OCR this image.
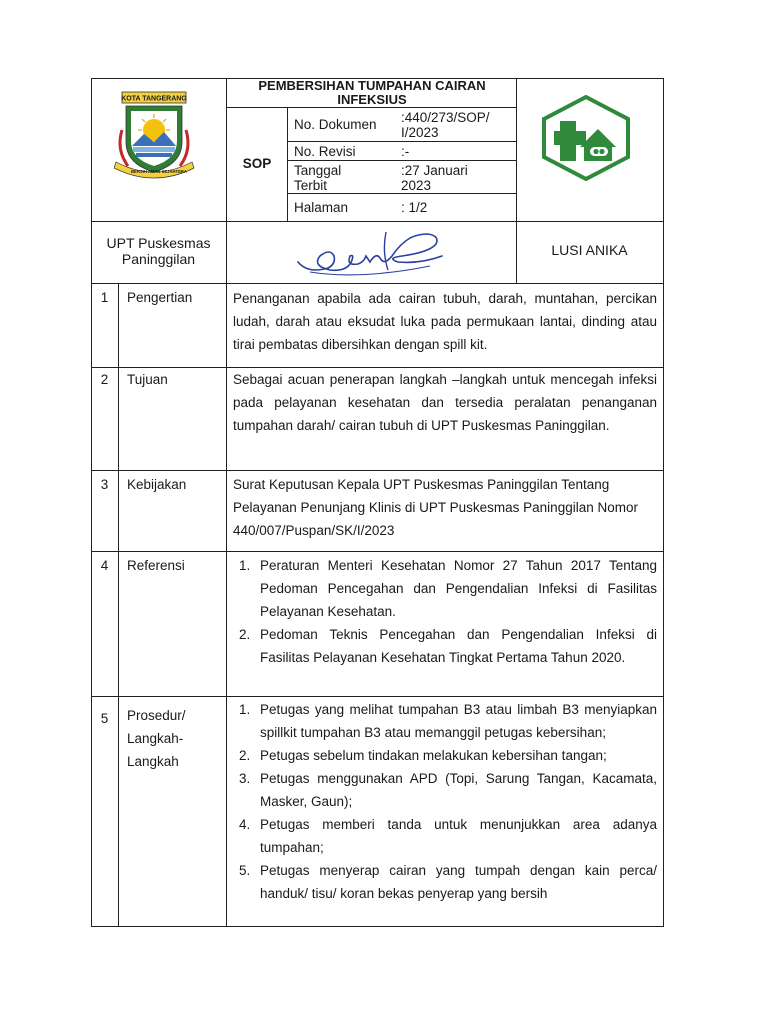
KOTA TANGERANG
BERSIH AMAN SEJAHTERA
PEMBERSIHAN TUMPAHAN CAIRAN INFEKSIUS
SOP
No. Dokumen :440/273/SOP/ I/2023
No. Revisi	:-
Tanggal Terbit
:27 Januari 2023
Halaman	: 1/2
UPT Puskesmas Paninggilan
LUSI ANIKA
1	Pengertian	Penanganan apabila ada cairan tubuh, darah, muntahan, percikan ludah, darah atau eksudat luka pada permukaan lantai, dinding atau tirai pembatas dibersihkan dengan spill kit.
2	Tujuan	Sebagai acuan penerapan langkah –langkah untuk mencegah infeksi pada pelayanan kesehatan dan tersedia peralatan penanganan tumpahan darah/ cairan tubuh di UPT Puskesmas Paninggilan.
3	Kebijakan	Surat Keputusan Kepala UPT Puskesmas Paninggilan Tentang Pelayanan Penunjang Klinis di UPT Puskesmas Paninggilan Nomor 440/007/Puspan/SK/I/2023
4	Referensi	1. Peraturan Menteri Kesehatan Nomor 27 Tahun 2017 Tentang Pedoman Pencegahan dan Pengendalian Infeksi di Fasilitas Pelayanan Kesehatan.
2. Pedoman Teknis Pencegahan dan Pengendalian Infeksi di Fasilitas Pelayanan Kesehatan Tingkat Pertama Tahun 2020.
5	Prosedur/ Langkah- Langkah
1. Petugas yang melihat tumpahan B3 atau limbah B3 menyiapkan spillkit tumpahan B3 atau memanggil petugas kebersihan;
2. Petugas sebelum tindakan melakukan kebersihan tangan;
3. Petugas menggunakan APD (Topi, Sarung Tangan, Kacamata, Masker, Gaun);
4. Petugas memberi tanda untuk menunjukkan area adanya tumpahan;
5. Petugas menyerap cairan yang tumpah dengan kain perca/ handuk/ tisu/ koran bekas penyerap yang bersih
